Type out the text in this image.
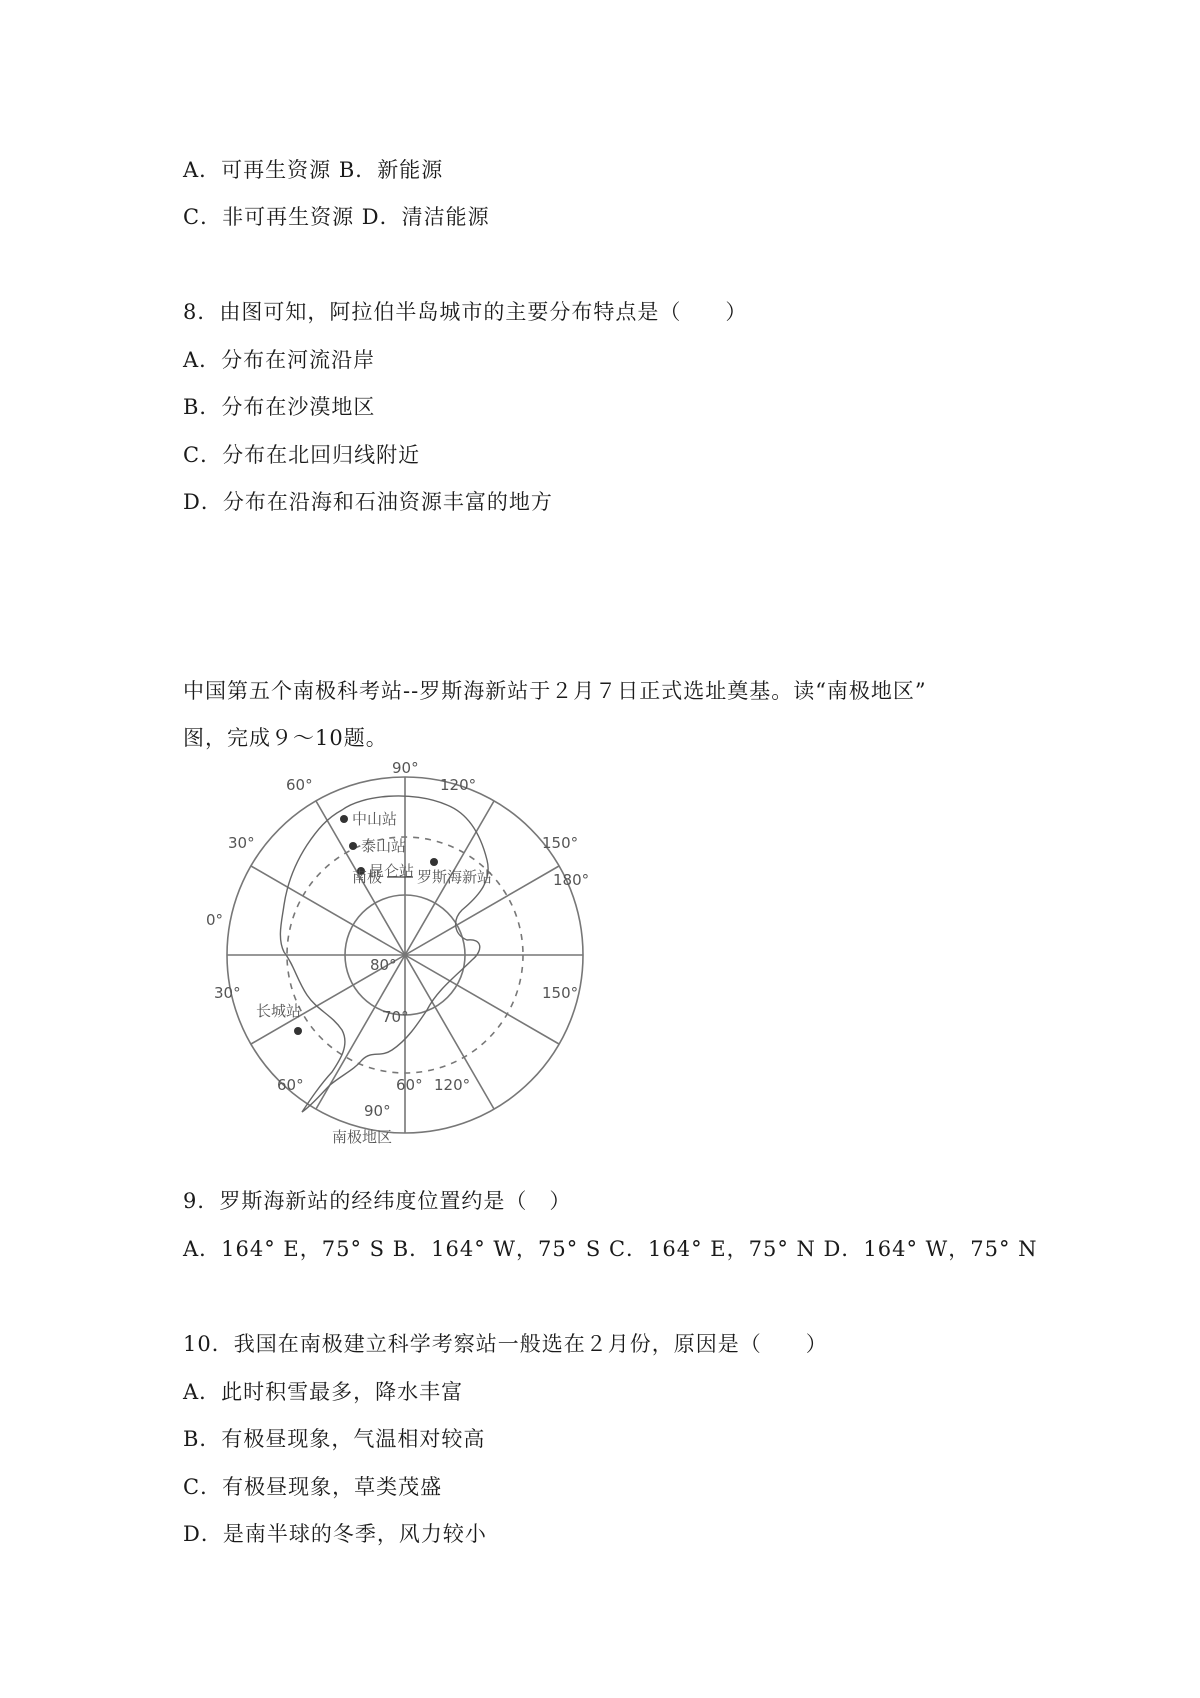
A．可再生资源 B．新能源
C．非可再生资源 D．清洁能源
8．由图可知，阿拉伯半岛城市的主要分布特点是（　　）
A．分布在河流沿岸
B．分布在沙漠地区
C．分布在北回归线附近
D．分布在沿海和石油资源丰富的地方
中国第五个南极科考站--罗斯海新站于２月７日正式选址奠基。读“南极地区”
图，完成９～10题。
90°
60°	120°
30°	150°
0°
180°
30°	150°
60°	120°
60°
90°
80°
70°
中山站
泰山站
昆仑站
南极 罗斯海新站
长城站
南极地区
9．罗斯海新站的经纬度位置约是（　）
A．164° E，75° S B．164° W，75° S C．164° E，75° N D．164° W，75° N
10．我国在南极建立科学考察站一般选在２月份，原因是（　　）
A．此时积雪最多，降水丰富
B．有极昼现象，气温相对较高
C．有极昼现象，草类茂盛
D．是南半球的冬季，风力较小
